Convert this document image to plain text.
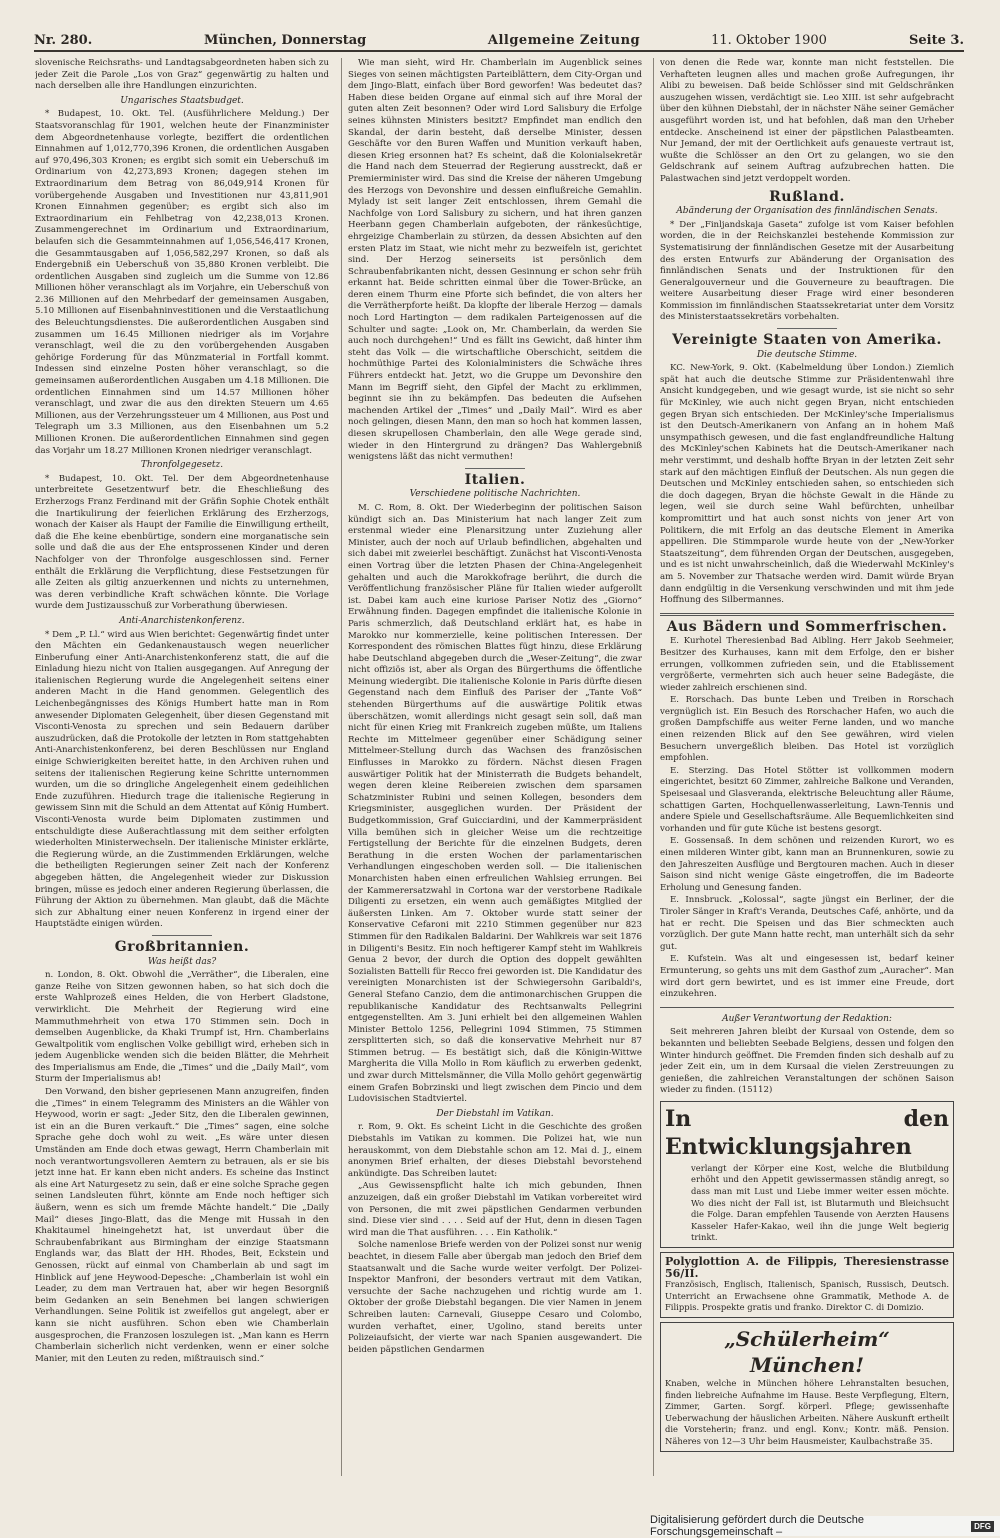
Nr. 280.	München, Donnerstag	Allgemeine Zeitung	11. Oktober 1900	Seite 3.

slovenische Reichsraths- und Landtagsabgeordneten haben sich zu jeder Zeit die Parole „Los von Graz“ gegenwärtig zu halten und nach derselben alle ihre Handlungen einzurichten.

Ungarisches Staatsbudget.

* Budapest, 10. Okt. Tel. (Ausführlichere Meldung.) Der Staatsvoranschlag für 1901, welchen heute der Finanzminister dem Abgeordnetenhause vorlegte, beziffert die ordentlichen Einnahmen auf 1,012,770,396 Kronen, die ordentlichen Ausgaben auf 970,496,303 Kronen; es ergibt sich somit ein Ueberschuß im Ordinarium von 42,273,893 Kronen; dagegen stehen im Extraordinarium dem Betrag von 86,049,914 Kronen für vorübergehende Ausgaben und Investitionen nur 43,811,901 Kronen Einnahmen gegenüber; es ergibt sich also im Extraordinarium ein Fehlbetrag von 42,238,013 Kronen. Zusammengerechnet im Ordinarium und Extraordinarium, belaufen sich die Gesammteinnahmen auf 1,056,546,417 Kronen, die Gesammtausgaben auf 1,056,582,297 Kronen, so daß als Endergebniß ein Ueberschuß von 35,880 Kronen verbleibt. Die ordentlichen Ausgaben sind zugleich um die Summe von 12.86 Millionen höher veranschlagt als im Vorjahre, ein Ueberschuß von 2.36 Millionen auf den Mehrbedarf der gemeinsamen Ausgaben, 5.10 Millionen auf Eisenbahninvestitionen und die Verstaatlichung des Beleuchtungsdienstes. Die außerordentlichen Ausgaben sind zusammen um 16.45 Millionen niedriger als im Vorjahre veranschlagt, weil die zu den vorübergehenden Ausgaben gehörige Forderung für das Münzmaterial in Fortfall kommt. Indessen sind einzelne Posten höher veranschlagt, so die gemeinsamen außerordentlichen Ausgaben um 4.18 Millionen. Die ordentlichen Einnahmen sind um 14.57 Millionen höher veranschlagt, und zwar die aus den direkten Steuern um 4.65 Millionen, aus der Verzehrungssteuer um 4 Millionen, aus Post und Telegraph um 3.3 Millionen, aus den Eisenbahnen um 5.2 Millionen Kronen. Die außerordentlichen Einnahmen sind gegen das Vorjahr um 18.27 Millionen Kronen niedriger veranschlagt.

Thronfolgegesetz.

* Budapest, 10. Okt. Tel. Der dem Abgeordnetenhause unterbreitete Gesetzentwurf betr. die Eheschließung des Erzherzogs Franz Ferdinand mit der Gräfin Sophie Chotek enthält die Inartikulirung der feierlichen Erklärung des Erzherzogs, wonach der Kaiser als Haupt der Familie die Einwilligung ertheilt, daß die Ehe keine ebenbürtige, sondern eine morganatische sein solle und daß die aus der Ehe entsprossenen Kinder und deren Nachfolger von der Thronfolge ausgeschlossen sind. Ferner enthält die Erklärung die Verpflichtung, diese Festsetzungen für alle Zeiten als giltig anzuerkennen und nichts zu unternehmen, was deren verbindliche Kraft schwächen könnte. Die Vorlage wurde dem Justizausschuß zur Vorberathung überwiesen.

Anti-Anarchistenkonferenz.

* Dem „P. Ll.“ wird aus Wien berichtet: Gegenwärtig findet unter den Mächten ein Gedankenaustausch wegen neuerlicher Einberufung einer Anti-Anarchistenkonferenz statt, die auf die Einladung hiezu nicht von Italien ausgegangen. Auf Anregung der italienischen Regierung wurde die Angelegenheit seitens einer anderen Macht in die Hand genommen. Gelegentlich des Leichenbegängnisses des Königs Humbert hatte man in Rom anwesender Diplomaten Gelegenheit, über diesen Gegenstand mit Visconti-Venosta zu sprechen und sein Bedauern darüber auszudrücken, daß die Protokolle der letzten in Rom stattgehabten Anti-Anarchistenkonferenz, bei deren Beschlüssen nur England einige Schwierigkeiten bereitet hatte, in den Archiven ruhen und seitens der italienischen Regierung keine Schritte unternommen wurden, um die so dringliche Angelegenheit einem gedeihlichen Ende zuzuführen. Hiedurch trage die italienische Regierung in gewissem Sinn mit die Schuld an dem Attentat auf König Humbert. Visconti-Venosta wurde beim Diplomaten zustimmen und entschuldigte diese Außerachtlassung mit dem seither erfolgten wiederholten Ministerwechseln. Der italienische Minister erklärte, die Regierung würde, an die Zustimmenden Erklärungen, welche die betheiligten Regierungen seiner Zeit nach der Konferenz abgegeben hätten, die Angelegenheit wieder zur Diskussion bringen, müsse es jedoch einer anderen Regierung überlassen, die Führung der Aktion zu übernehmen. Man glaubt, daß die Mächte sich zur Abhaltung einer neuen Konferenz in irgend einer der Hauptstädte einigen würden.

Großbritannien.
Was heißt das?

n. London, 8. Okt. Obwohl die „Verräther“, die Liberalen, eine ganze Reihe von Sitzen gewonnen haben, so hat sich doch die erste Wahlprozeß eines Helden, die von Herbert Gladstone, verwirklicht. Die Mehrheit der Regierung wird eine Mammuthmehrheit von etwa 170 Stimmen sein. Doch in demselben Augenblicke, da Khaki Trumpf ist, Hrn. Chamberlains Gewaltpolitik vom englischen Volke gebilligt wird, erheben sich in jedem Augenblicke wenden sich die beiden Blätter, die Mehrheit des Imperialismus am Ende, die „Times“ und die „Daily Mail“, vom Sturm der Imperialismus ab!

Den Vorwand, den bisher gepriesenen Mann anzugreifen, finden die „Times“ in einem Telegramm des Ministers an die Wähler von Heywood, worin er sagt: „Jeder Sitz, den die Liberalen gewinnen, ist ein an die Buren verkauft.“ Die „Times“ sagen, eine solche Sprache gehe doch wohl zu weit. „Es wäre unter diesen Umständen am Ende doch etwas gewagt, Herrn Chamberlain mit noch verantwortungsvolleren Aemtern zu betrauen, als er sie bis jetzt inne hat. Er kann eben nicht anders. Es scheine das Instinct als eine Art Naturgesetz zu sein, daß er eine solche Sprache gegen seinen Landsleuten führt, könnte am Ende noch heftiger sich äußern, wenn es sich um fremde Mächte handelt.“ Die „Daily Mail“ dieses Jingo-Blatt, das die Menge mit Hussah in den Khakitaumel hineingehetzt hat, ist unverdaut über die Schraubenfabrikant aus Birmingham der einzige Staatsmann Englands war, das Blatt der HH. Rhodes, Beit, Eckstein und Genossen, rückt auf einmal von Chamberlain ab und sagt im Hinblick auf jene Heywood-Depesche: „Chamberlain ist wohl ein Leader, zu dem man Vertrauen hat, aber wir hegen Besorgniß beim Gedanken an sein Benehmen bei langen schwierigen Verhandlungen. Seine Politik ist zweifellos gut angelegt, aber er kann sie nicht ausführen. Schon eben wie Chamberlain ausgesprochen, die Franzosen loszulegen ist. „Man kann es Herrn Chamberlain sicherlich nicht verdenken, wenn er einer solche Manier, mit den Leuten zu reden, mißtrauisch sind.“

Wie man sieht, wird Hr. Chamberlain im Augenblick seines Sieges von seinen mächtigsten Parteiblättern, dem City-Organ und dem Jingo-Blatt, einfach über Bord geworfen! Was bedeutet das? Haben diese beiden Organe auf einmal sich auf ihre Moral der guten alten Zeit besonnen? Oder wird Lord Salisbury die Erfolge seines kühnsten Ministers besitzt? Empfindet man endlich den Skandal, der darin besteht, daß derselbe Minister, dessen Geschäfte vor den Buren Waffen und Munition verkauft haben, diesen Krieg ersonnen hat? Es scheint, daß die Kolonialsekretär die Hand nach dem Steuerrad der Regierung ausstreckt, daß er Premierminister wird. Das sind die Kreise der näheren Umgebung des Herzogs von Devonshire und dessen einflußreiche Gemahlin. Mylady ist seit langer Zeit entschlossen, ihrem Gemahl die Nachfolge von Lord Salisbury zu sichern, und hat ihren ganzen Heerbann gegen Chamberlain aufgeboten, der ränkesüchtige, ehrgeizige Chamberlain zu stürzen, da dessen Absichten auf den ersten Platz im Staat, wie nicht mehr zu bezweifeln ist, gerichtet sind. Der Herzog seinerseits ist persönlich dem Schraubenfabrikanten nicht, dessen Gesinnung er schon sehr früh erkannt hat. Beide schritten einmal über die Tower-Brücke, an deren einem Thurm eine Pforte sich befindet, die von alters her die Verrätherpforte heißt. Da klopfte der liberale Herzog — damals noch Lord Hartington — dem radikalen Parteigenossen auf die Schulter und sagte: „Look on, Mr. Chamberlain, da werden Sie auch noch durchgehen!“ Und es fällt ins Gewicht, daß hinter ihm steht das Volk — die wirtschaftliche Oberschicht, seitdem die hochmüthige Partei des Kolonialministers die Schwäche ihres Führers entdeckt hat. Jetzt, wo die Gruppe um Devonshire den Mann im Begriff sieht, den Gipfel der Macht zu erklimmen, beginnt sie ihn zu bekämpfen. Das bedeuten die Aufsehen machenden Artikel der „Times“ und „Daily Mail“. Wird es aber noch gelingen, diesen Mann, den man so hoch hat kommen lassen, diesen skrupellosen Chamberlain, den alle Wege gerade sind, wieder in den Hintergrund zu drängen? Das Wahlergebniß wenigstens läßt das nicht vermuthen!

Italien.
Verschiedene politische Nachrichten.

M. C. Rom, 8. Okt. Der Wiederbeginn der politischen Saison kündigt sich an. Das Ministerium hat nach langer Zeit zum erstenmal wieder eine Plenarsitzung unter Zuziehung aller Minister, auch der noch auf Urlaub befindlichen, abgehalten und sich dabei mit zweierlei beschäftigt. Zunächst hat Visconti-Venosta einen Vortrag über die letzten Phasen der China-Angelegenheit gehalten und auch die Marokkofrage berührt, die durch die Veröffentlichung französischer Pläne für Italien wieder aufgerollt ist. Dabei kam auch eine kuriose Pariser Notiz des „Giorno“ Erwähnung finden. Dagegen empfindet die italienische Kolonie in Paris schmerzlich, daß Deutschland erklärt hat, es habe in Marokko nur kommerzielle, keine politischen Interessen. Der Korrespondent des römischen Blattes fügt hinzu, diese Erklärung habe Deutschland abgegeben durch die „Weser-Zeitung“, die zwar nicht offiziös ist, aber als Organ des Bürgerthums die öffentliche Meinung wiedergibt. Die italienische Kolonie in Paris dürfte diesen Gegenstand nach dem Einfluß des Pariser der „Tante Voß“ stehenden Bürgerthums auf die auswärtige Politik etwas überschätzen, womit allerdings nicht gesagt sein soll, daß man nicht für einen Krieg mit Frankreich zugeben müßte, um Italiens Rechte im Mittelmeer gegenüber einer Schädigung seiner Mittelmeer-Stellung durch das Wachsen des französischen Einflusses in Marokko zu fördern. Nächst diesen Fragen auswärtiger Politik hat der Ministerrath die Budgets behandelt, wegen deren kleine Reibereien zwischen dem sparsamen Schatzminister Rubini und seinen Kollegen, besonders dem Kriegsminister, ausgeglichen wurden. Der Präsident der Budgetkommission, Graf Guicciardini, und der Kammerpräsident Villa bemühen sich in gleicher Weise um die rechtzeitige Fertigstellung der Berichte für die einzelnen Budgets, deren Berathung in die ersten Wochen der parlamentarischen Verhandlungen eingeschoben werden soll. — Die italienischen Monarchisten haben einen erfreulichen Wahlsieg errungen. Bei der Kammerersatzwahl in Cortona war der verstorbene Radikale Diligenti zu ersetzen, ein wenn auch gemäßigtes Mitglied der äußersten Linken. Am 7. Oktober wurde statt seiner der Konservative Cefaroni mit 2210 Stimmen gegenüber nur 823 Stimmen für den Radikalen Baldarini. Der Wahlkreis war seit 1876 in Diligenti's Besitz. Ein noch heftigerer Kampf steht im Wahlkreis Genua 2 bevor, der durch die Option des doppelt gewählten Sozialisten Battelli für Recco frei geworden ist. Die Kandidatur des vereinigten Monarchisten ist der Schwiegersohn Garibaldi's, General Stefano Canzio, dem die antimonarchischen Gruppen die republikanische Kandidatur des Rechtsanwalts Pellegrini entgegenstellten. Am 3. Juni erhielt bei den allgemeinen Wahlen Minister Bettolo 1256, Pellegrini 1094 Stimmen, 75 Stimmen zersplitterten sich, so daß die konservative Mehrheit nur 87 Stimmen betrug. — Es bestätigt sich, daß die Königin-Wittwe Margherita die Villa Mollo in Rom käuflich zu erwerben gedenkt, und zwar durch Mittelsmänner, die Villa Mollo gehört gegenwärtig einem Grafen Bobrzinski und liegt zwischen dem Pincio und dem Ludovisischen Stadtviertel.

Der Diebstahl im Vatikan.

r. Rom, 9. Okt. Es scheint Licht in die Geschichte des großen Diebstahls im Vatikan zu kommen. Die Polizei hat, wie nun herauskommt, von dem Diebstahle schon am 12. Mai d. J., einem anonymen Brief erhalten, der dieses Diebstahl bevorstehend ankündigte. Das Schreiben lautet:

„Aus Gewissenspflicht halte ich mich gebunden, Ihnen anzuzeigen, daß ein großer Diebstahl im Vatikan vorbereitet wird von Personen, die mit zwei päpstlichen Gendarmen verbunden sind. Diese vier sind . . . . Seid auf der Hut, denn in diesen Tagen wird man die That ausführen. . . . Ein Katholik.“

Solche namenlose Briefe werden von der Polizei sonst nur wenig beachtet, in diesem Falle aber übergab man jedoch den Brief dem Staatsanwalt und die Sache wurde weiter verfolgt. Der Polizei-Inspektor Manfroni, der besonders vertraut mit dem Vatikan, versuchte der Sache nachzugehen und richtig wurde am 1. Oktober der große Diebstahl begangen. Die vier Namen in jenem Schreiben lauten: Carnevali, Giuseppe Cesaro und Colombo, wurden verhaftet, einer, Ugolino, stand bereits unter Polizeiaufsicht, der vierte war nach Spanien ausgewandert. Die beiden päpstlichen Gendarmen

von denen die Rede war, konnte man nicht feststellen. Die Verhafteten leugnen alles und machen große Aufregungen, ihr Alibi zu beweisen. Daß beide Schlösser sind mit Geldschränken auszugehen wissen, verdächtigt sie. Leo XIII. ist sehr aufgebracht über den kühnen Diebstahl, der in nächster Nähe seiner Gemächer ausgeführt worden ist, und hat befohlen, daß man den Urheber entdecke. Anscheinend ist einer der päpstlichen Palastbeamten. Nur Jemand, der mit der Oertlichkeit aufs genaueste vertraut ist, wußte die Schlösser an den Ort zu gelangen, wo sie den Geldschrank auf seinem Auftrag aufzubrechen hatten. Die Palastwachen sind jetzt verdoppelt worden.

Rußland.
Abänderung der Organisation des finnländischen Senats.

* Der „Finljandskaja Gaseta“ zufolge ist vom Kaiser befohlen worden, die in der Reichskanzlei bestehende Kommission zur Systematisirung der finnländischen Gesetze mit der Ausarbeitung des ersten Entwurfs zur Abänderung der Organisation des finnländischen Senats und der Instruktionen für den Generalgouverneur und die Gouverneure zu beauftragen. Die weitere Ausarbeitung dieser Frage wird einer besonderen Kommission im finnländischen Staatssekretariat unter dem Vorsitz des Ministerstaatssekretärs vorbehalten.

Vereinigte Staaten von Amerika.
Die deutsche Stimme.

KC. New-York, 9. Okt. (Kabelmeldung über London.) Ziemlich spät hat auch die deutsche Stimme zur Präsidentenwahl ihre Ansicht kundgegeben, und wie gesagt wurde, ist sie nicht so sehr für McKinley, wie auch nicht gegen Bryan, nicht entschieden gegen Bryan sich entschieden. Der McKinley'sche Imperialismus ist den Deutsch-Amerikanern von Anfang an in hohem Maß unsympathisch gewesen, und die fast englandfreundliche Haltung des McKinley'schen Kabinets hat die Deutsch-Amerikaner nach mehr verstimmt, und deshalb hoffte Bryan in der letzten Zeit sehr stark auf den mächtigen Einfluß der Deutschen. Als nun gegen die Deutschen und McKinley entschieden sahen, so entschieden sich die doch dagegen, Bryan die höchste Gewalt in die Hände zu legen, weil sie durch seine Wahl befürchten, unheilbar kompromittirt und hat auch sonst nichts von jener Art von Politikern, die mit Erfolg an das deutsche Element in Amerika appelliren. Die Stimmparole wurde heute von der „New-Yorker Staatszeitung“, dem führenden Organ der Deutschen, ausgegeben, und es ist nicht unwahrscheinlich, daß die Wiederwahl McKinley's am 5. November zur Thatsache werden wird. Damit würde Bryan dann endgültig in die Versenkung verschwinden und mit ihm jede Hoffnung des Silbermannes.

Aus Bädern und Sommerfrischen.

E. Kurhotel Theresienbad Bad Aibling. Herr Jakob Seehmeier, Besitzer des Kurhauses, kann mit dem Erfolge, den er bisher errungen, vollkommen zufrieden sein, und die Etablissement vergrößerte, vermehrten sich auch heuer seine Badegäste, die wieder zahlreich erschienen sind.

E. Rorschach. Das bunte Leben und Treiben in Rorschach vergnüglich ist. Ein Besuch des Rorschacher Hafen, wo auch die großen Dampfschiffe aus weiter Ferne landen, und wo manche einen reizenden Blick auf den See gewähren, wird vielen Besuchern unvergeßlich bleiben. Das Hotel ist vorzüglich empfohlen.

E. Sterzing. Das Hotel Stötter ist vollkommen modern eingerichtet, besitzt 60 Zimmer, zahlreiche Balkone und Veranden, Speisesaal und Glasveranda, elektrische Beleuchtung aller Räume, schattigen Garten, Hochquellenwasserleitung, Lawn-Tennis und andere Spiele und Gesellschaftsräume. Alle Bequemlichkeiten sind vorhanden und für gute Küche ist bestens gesorgt.

E. Gossensaß. In dem schönen und reizenden Kurort, wo es einen milderen Winter gibt, kann man an Brunnenkuren, sowie zu den Jahreszeiten Ausflüge und Bergtouren machen. Auch in dieser Saison sind nicht wenige Gäste eingetroffen, die im Badeorte Erholung und Genesung fanden.

E. Innsbruck. „Kolossal“, sagte jüngst ein Berliner, der die Tiroler Sänger in Kraft's Veranda, Deutsches Café, anhörte, und da hat er recht. Die Speisen und das Bier schmeckten auch vorzüglich. Der gute Mann hatte recht, man unterhält sich da sehr gut.

E. Kufstein. Was alt und eingesessen ist, bedarf keiner Ermunterung, so gehts uns mit dem Gasthof zum „Auracher“. Man wird dort gern bewirtet, und es ist immer eine Freude, dort einzukehren.

Außer Verantwortung der Redaktion:

Seit mehreren Jahren bleibt der Kursaal von Ostende, dem so bekannten und beliebten Seebade Belgiens, dessen und folgen den Winter hindurch geöffnet. Die Fremden finden sich deshalb auf zu jeder Zeit ein, um in dem Kursaal die vielen Zerstreuungen zu genießen, die zahlreichen Veranstaltungen der schönen Saison wieder zu finden. (15112)

In den Entwicklungsjahren
verlangt der Körper eine Kost, welche die Blutbildung erhöht und den Appetit gewissermassen ständig anregt, so dass man mit Lust und Liebe immer weiter essen möchte. Wo dies nicht der Fall ist, ist Blutarmuth und Bleichsucht die Folge. Daran empfehlen Tausende von Aerzten Hausens Kasseler Hafer-Kakao, weil ihn die junge Welt begierig trinkt.
Polyglottion A. de Filippis, Theresienstrasse 56/II.
Französisch, Englisch, Italienisch, Spanisch, Russisch, Deutsch. Unterricht an Erwachsene ohne Grammatik, Methode A. de Filippis. Prospekte gratis und franko. Direktor C. di Domizio.
„Schülerheim“ München!
Knaben, welche in München höhere Lehranstalten besuchen, finden liebreiche Aufnahme im Hause. Beste Verpflegung, Eltern, Zimmer, Garten. Sorgf. körperl. Pflege; gewissenhafte Ueberwachung der häuslichen Arbeiten. Nähere Auskunft ertheilt die Vorsteherin; franz. und engl. Konv.; Kontr. mäß. Pension. Näheres von 12—3 Uhr beim Hausmeister, Kaulbachstraße 35.
Digitalisierung gefördert durch die Deutsche Forschungsgemeinschaft –	DFG
